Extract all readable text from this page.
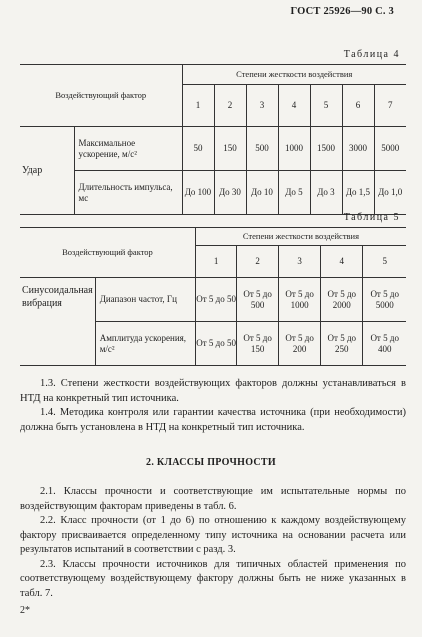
ГОСТ 25926—90 С. 3
Таблица 4
Воздействующий фактор		Степени жесткости воздействия						
		1	2	3	4	5	6	7
Удар	Максимальное ускорение, м/с²	50	150	500	1000	1500	3000	5000
	Длительность импульса, мс	До 100	До 30	До 10	До 5	До 3	До 1,5	До 1,0
Таблица 5
Воздействующий фактор		Степени жесткости воздействия				
		1	2	3	4	5
Синусоидальная вибрация	Диапазон частот, Гц	От 5 до 50	От 5 до 500	От 5 до 1000	От 5 до 2000	От 5 до 5000
	Амплитуда ускорения, м/с²	От 5 до 50	От 5 до 150	От 5 до 200	От 5 до 250	От 5 до 400
1.3. Степени жесткости воздействующих факторов должны устанавливаться в НТД на конкретный тип источника.
1.4. Методика контроля или гарантии качества источника (при необходимости) должна быть установлена в НТД на конкретный тип источника.
2. КЛАССЫ ПРОЧНОСТИ
2.1. Классы прочности и соответствующие им испытательные нормы по воздействующим факторам приведены в табл. 6.
2.2. Класс прочности (от 1 до 6) по отношению к каждому воздействующему фактору присваивается определенному типу источника на основании расчета или результатов испытаний в соответствии с разд. 3.
2.3. Классы прочности источников для типичных областей применения по соответствующему воздействующему фактору должны быть не ниже указанных в табл. 7.
2*
